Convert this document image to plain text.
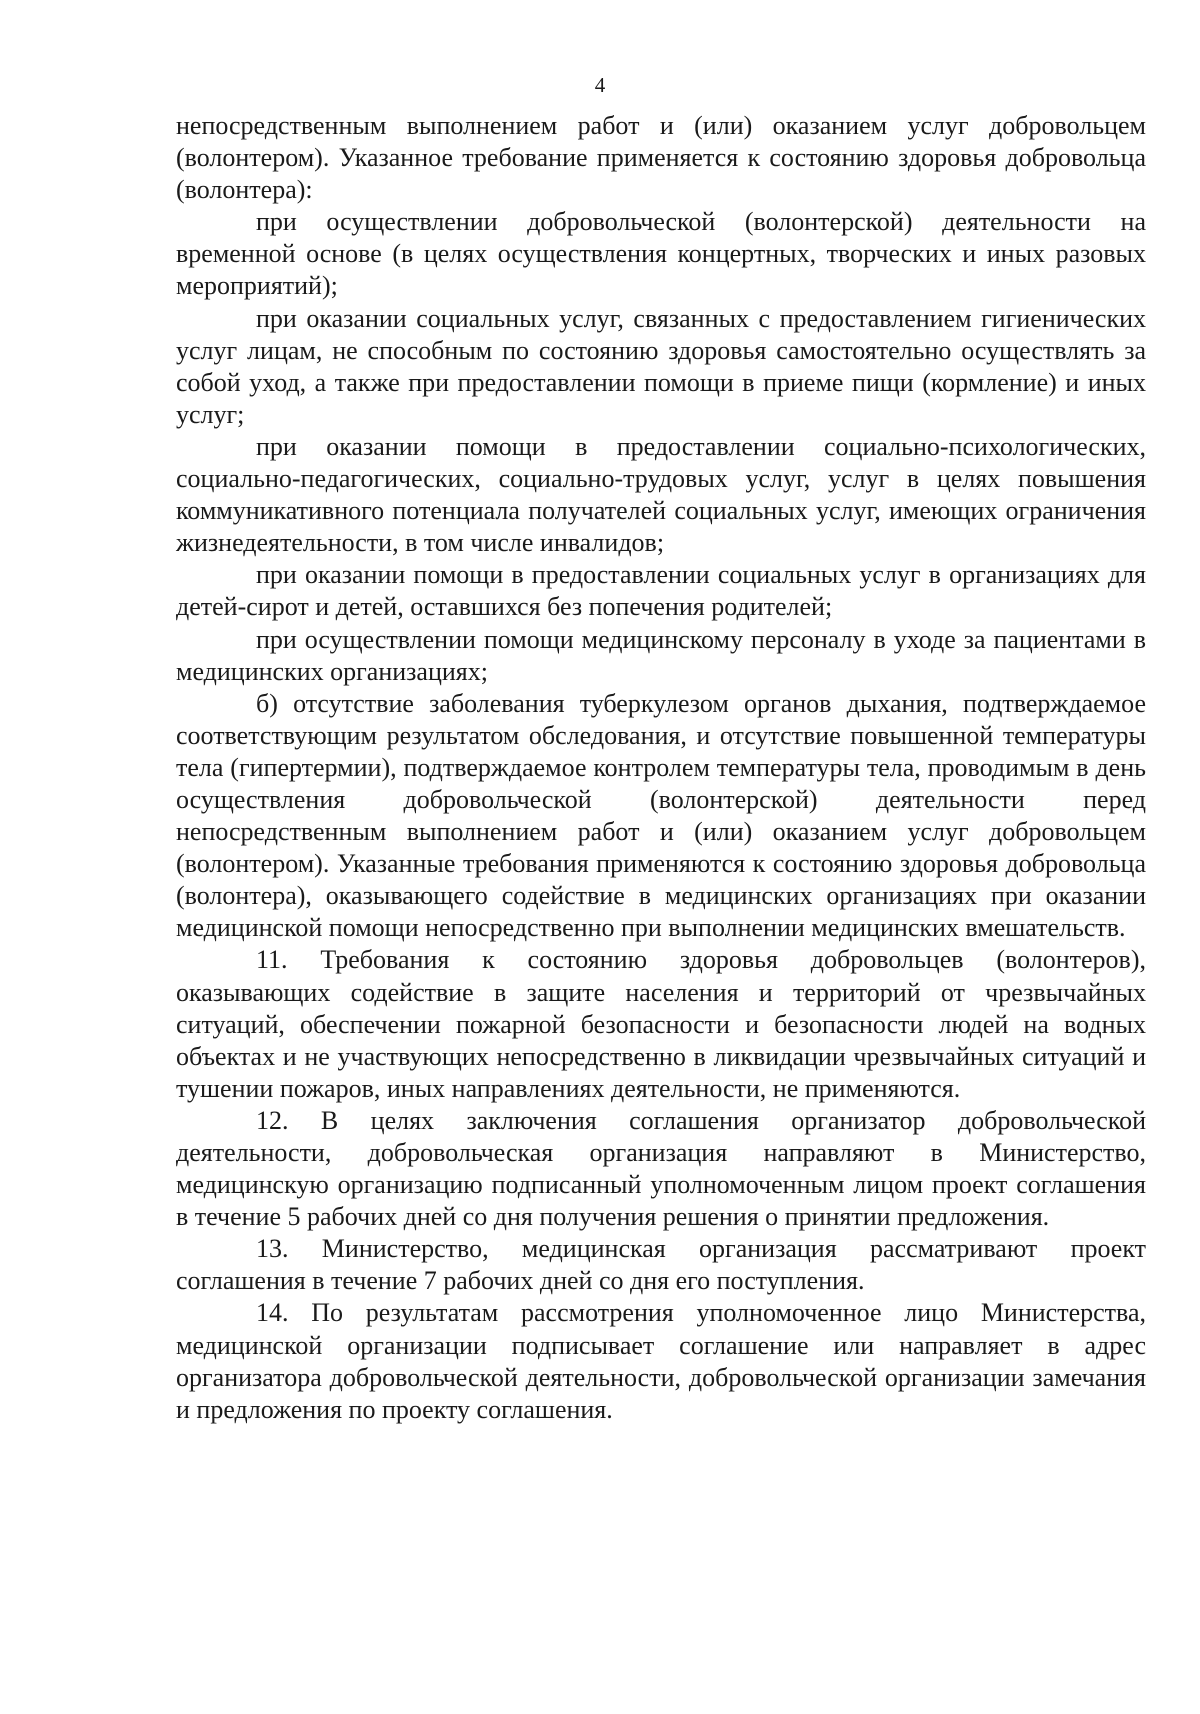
4

непосредственным выполнением работ и (или) оказанием услуг добровольцем (волонтером). Указанное требование применяется к состоянию здоровья добровольца (волонтера):

при осуществлении добровольческой (волонтерской) деятельности на временной основе (в целях осуществления концертных, творческих и иных разовых мероприятий);

при оказании социальных услуг, связанных с предоставлением гигиенических услуг лицам, не способным по состоянию здоровья самостоятельно осуществлять за собой уход, а также при предоставлении помощи в приеме пищи (кормление) и иных услуг;

при оказании помощи в предоставлении социально-психологических, социально-педагогических, социально-трудовых услуг, услуг в целях повышения коммуникативного потенциала получателей социальных услуг, имеющих ограничения жизнедеятельности, в том числе инвалидов;

при оказании помощи в предоставлении социальных услуг в организациях для детей-сирот и детей, оставшихся без попечения родителей;

при осуществлении помощи медицинскому персоналу в уходе за пациентами в медицинских организациях;

б) отсутствие заболевания туберкулезом органов дыхания, подтверждаемое соответствующим результатом обследования, и отсутствие повышенной температуры тела (гипертермии), подтверждаемое контролем температуры тела, проводимым в день осуществления добровольческой (волонтерской) деятельности перед непосредственным выполнением работ и (или) оказанием услуг добровольцем (волонтером). Указанные требования применяются к состоянию здоровья добровольца (волонтера), оказывающего содействие в медицинских организациях при оказании медицинской помощи непосредственно при выполнении медицинских вмешательств.

11. Требования к состоянию здоровья добровольцев (волонтеров), оказывающих содействие в защите населения и территорий от чрезвычайных ситуаций, обеспечении пожарной безопасности и безопасности людей на водных объектах и не участвующих непосредственно в ликвидации чрезвычайных ситуаций и тушении пожаров, иных направлениях деятельности, не применяются.

12. В целях заключения соглашения организатор добровольческой деятельности, добровольческая организация направляют в Министерство, медицинскую организацию подписанный уполномоченным лицом проект соглашения в течение 5 рабочих дней со дня получения решения о принятии предложения.

13. Министерство, медицинская организация рассматривают проект соглашения в течение 7 рабочих дней со дня его поступления.

14. По результатам рассмотрения уполномоченное лицо Министерства, медицинской организации подписывает соглашение или направляет в адрес организатора добровольческой деятельности, добровольческой организации замечания и предложения по проекту соглашения.
